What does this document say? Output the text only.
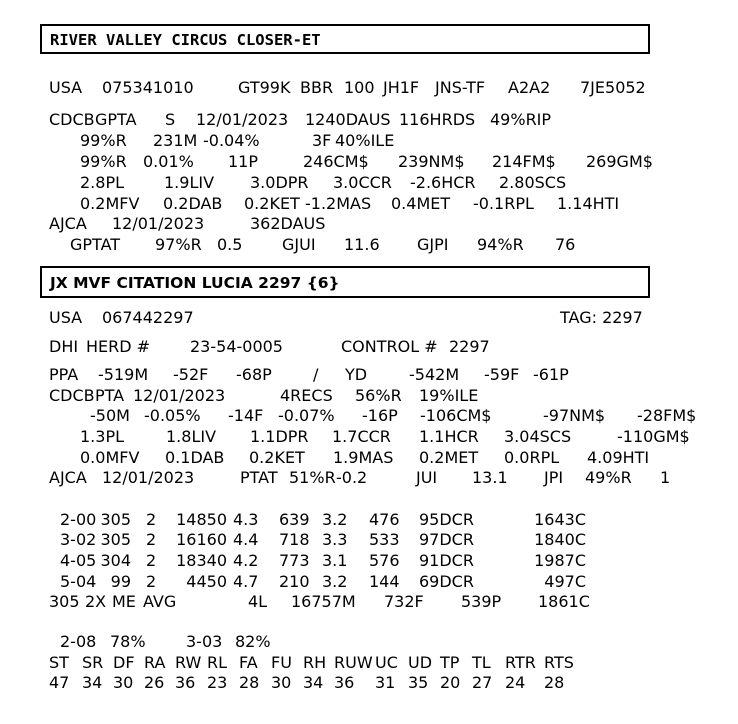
RIVER VALLEY CIRCUS CLOSER-ET
USA 075341010	GT99K BBR 100 JH1F JNS-TF A2A2 7JE5052
CDCB GPTA S 12/01/2023 1240DAUS 116HRDS 49%RIP
99%R 231M -0.04%	3F 40%ILE
99%R 0.01% 11P	246CM$ 239NM$ 214FM$ 269GM$
2.8PL 1.9LIV 3.0DPR 3.0CCR -2.6HCR 2.80SCS
0.2MFV 0.2DAB 0.2KET -1.2MAS 0.4MET -0.1RPL 1.14HTI
AJCA 12/01/2023	362DAUS
GPTAT 97%R 0.5 GJUI 11.6 GJPI 94%R 76
JX MVF CITATION LUCIA 2297 {6}
USA 067442297	TAG: 2297
DHI HERD # 23-54-0005	CONTROL # 2297
PPA -519M -52F -68P	/ YD	-542M -59F -61P
CDCB PTA 12/01/2023	4RECS 56%R 19%ILE
-50M -0.05% -14F -0.07% -16P -106CM$	-97NM$ -28FM$
1.3PL	1.8LIV 1.1DPR 1.7CCR 1.1HCR 3.04SCS	-110GM$
0.0MFV 0.1DAB 0.2KET 1.9MAS 0.2MET 0.0RPL 4.09HTI
AJCA 12/01/2023	PTAT 51%R -0.2	JUI 13.1 JPI 49%R 1
2-00 305 2 14850 4.3 639 3.2 476 95DCR	1643C
3-02 305 2 16160 4.4 718 3.3 533 97DCR	1840C
4-05 304 2 18340 4.2 773 3.1 576 91DCR	1987C
5-04 99 2 4450 4.7 210 3.2 144 69DCR	497C
305 2X ME AVG	4L 16757M 732F 539P 1861C
2-08 78%	3-03 82%
ST SR DF RA RW RL FA FU RH RUW UC UD TP TL RTR RTS
47 34 30 26 36 23 28 30 34 36 31 35 20 27 24 28
